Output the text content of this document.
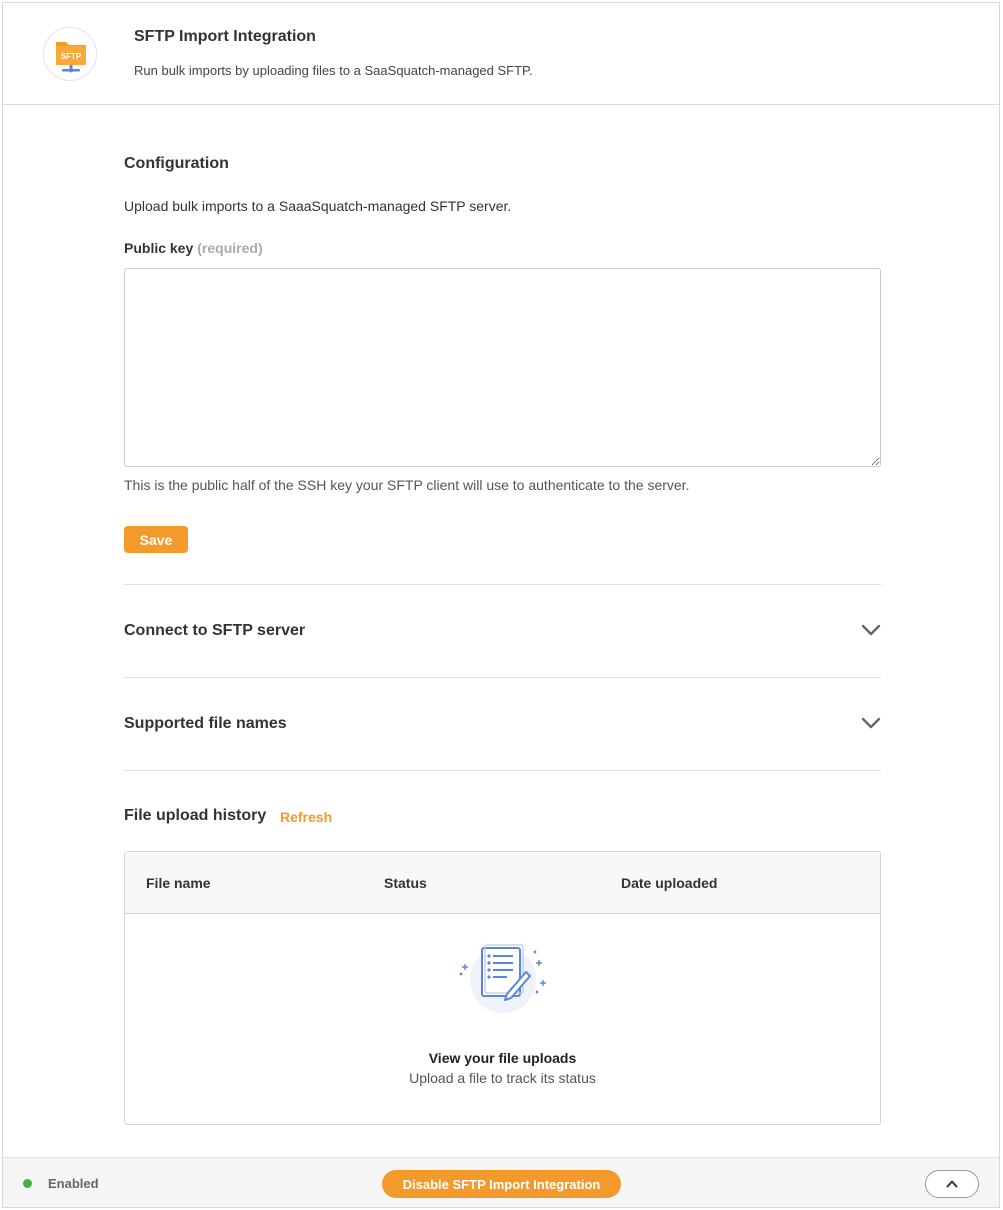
SFTP
SFTP Import Integration
Run bulk imports by uploading files to a SaaSquatch-managed SFTP.
Configuration
Upload bulk imports to a SaaaSquatch-managed SFTP server.
Public key (required)
This is the public half of the SSH key your SFTP client will use to authenticate to the server.
Save
Connect to SFTP server
Supported file names
File upload history Refresh
File name	Status	Date uploaded
View your file uploads
Upload a file to track its status
Enabled	Disable SFTP Import Integration
